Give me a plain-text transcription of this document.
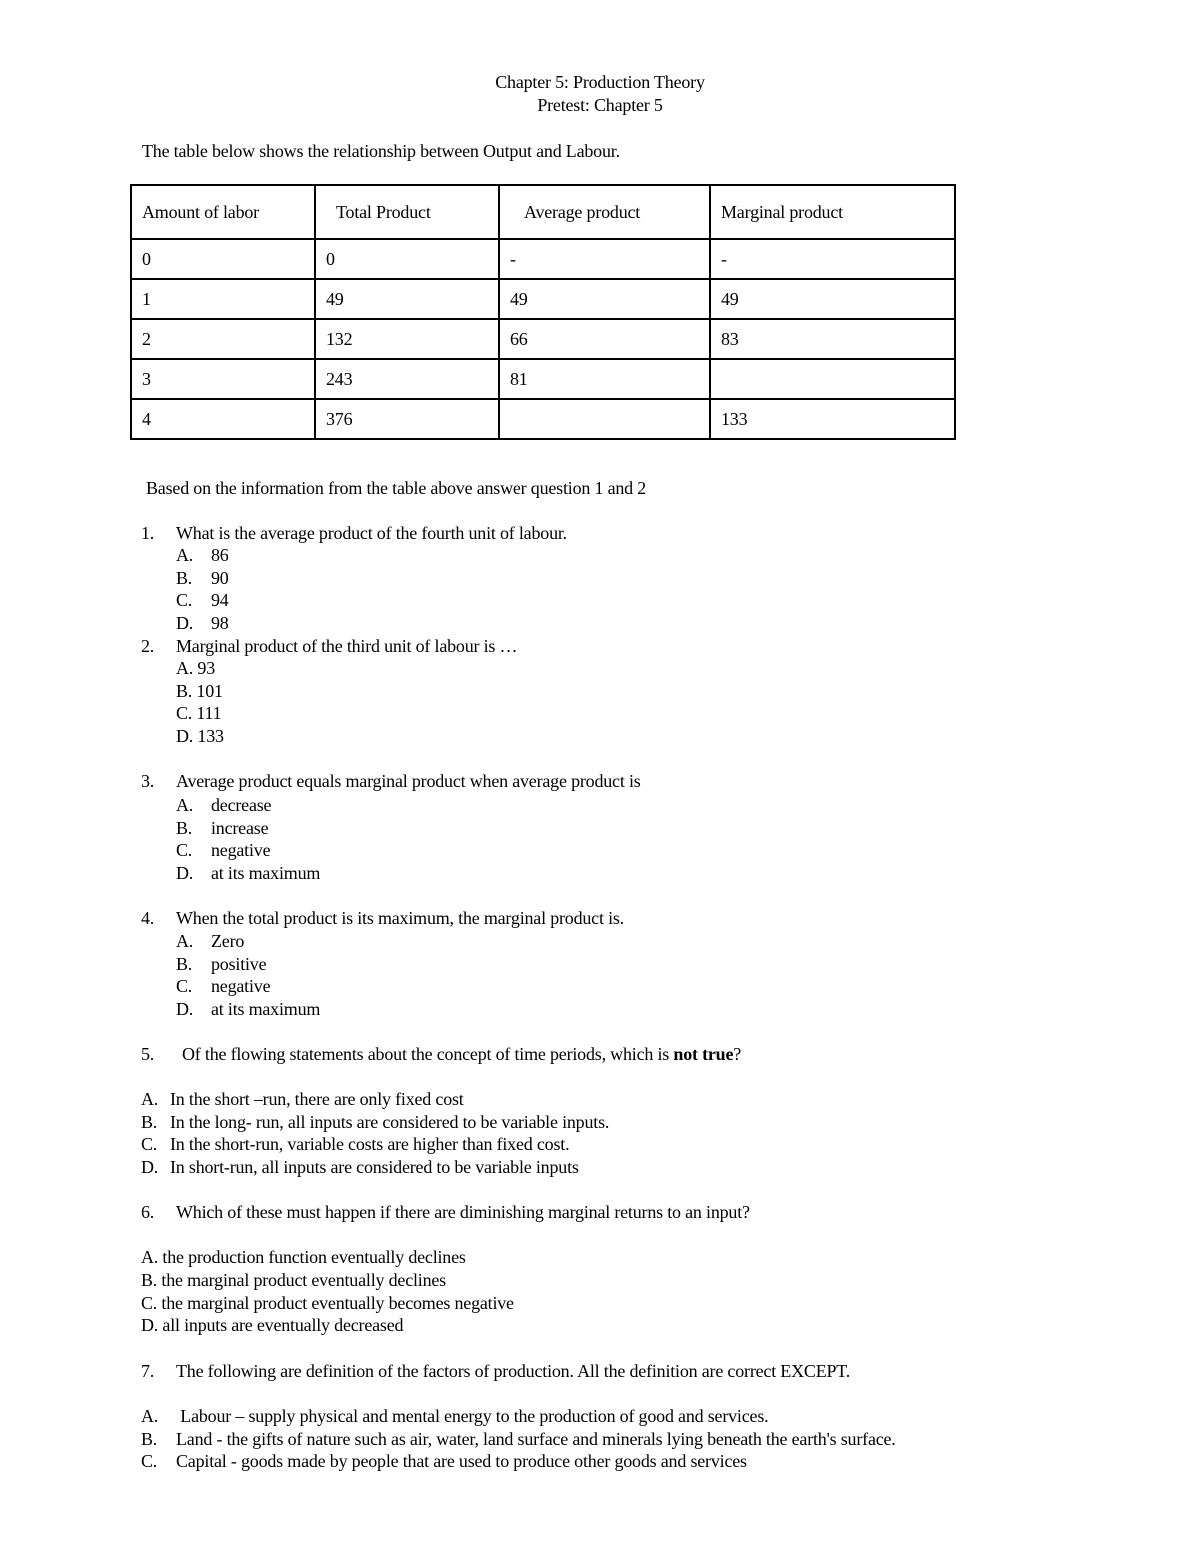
Chapter 5: Production Theory
Pretest: Chapter 5
The table below shows the relationship between Output and Labour.
Amount of labor	Total Product	Average product	Marginal product
0	0	-	-
1	49	49	49
2	132	66	83
3	243	81	
4	376		133
Based on the information from the table above answer question 1 and 2
1. What is the average product of the fourth unit of labour.
A. 86
B. 90
C. 94
D. 98
2. Marginal product of the third unit of labour is …
A. 93
B. 101
C. 111
D. 133
3. Average product equals marginal product when average product is
A. decrease
B. increase
C. negative
D. at its maximum
4. When the total product is its maximum, the marginal product is.
A. Zero
B. positive
C. negative
D. at its maximum
5. Of the flowing statements about the concept of time periods, which is not true?
A. In the short –run, there are only fixed cost
B. In the long- run, all inputs are considered to be variable inputs.
C. In the short-run, variable costs are higher than fixed cost.
D. In short-run, all inputs are considered to be variable inputs
6. Which of these must happen if there are diminishing marginal returns to an input?
A. the production function eventually declines
B. the marginal product eventually declines
C. the marginal product eventually becomes negative
D. all inputs are eventually decreased
7. The following are definition of the factors of production. All the definition are correct EXCEPT.
A. Labour – supply physical and mental energy to the production of good and services.
B. Land - the gifts of nature such as air, water, land surface and minerals lying beneath the earth's surface.
C. Capital - goods made by people that are used to produce other goods and services
